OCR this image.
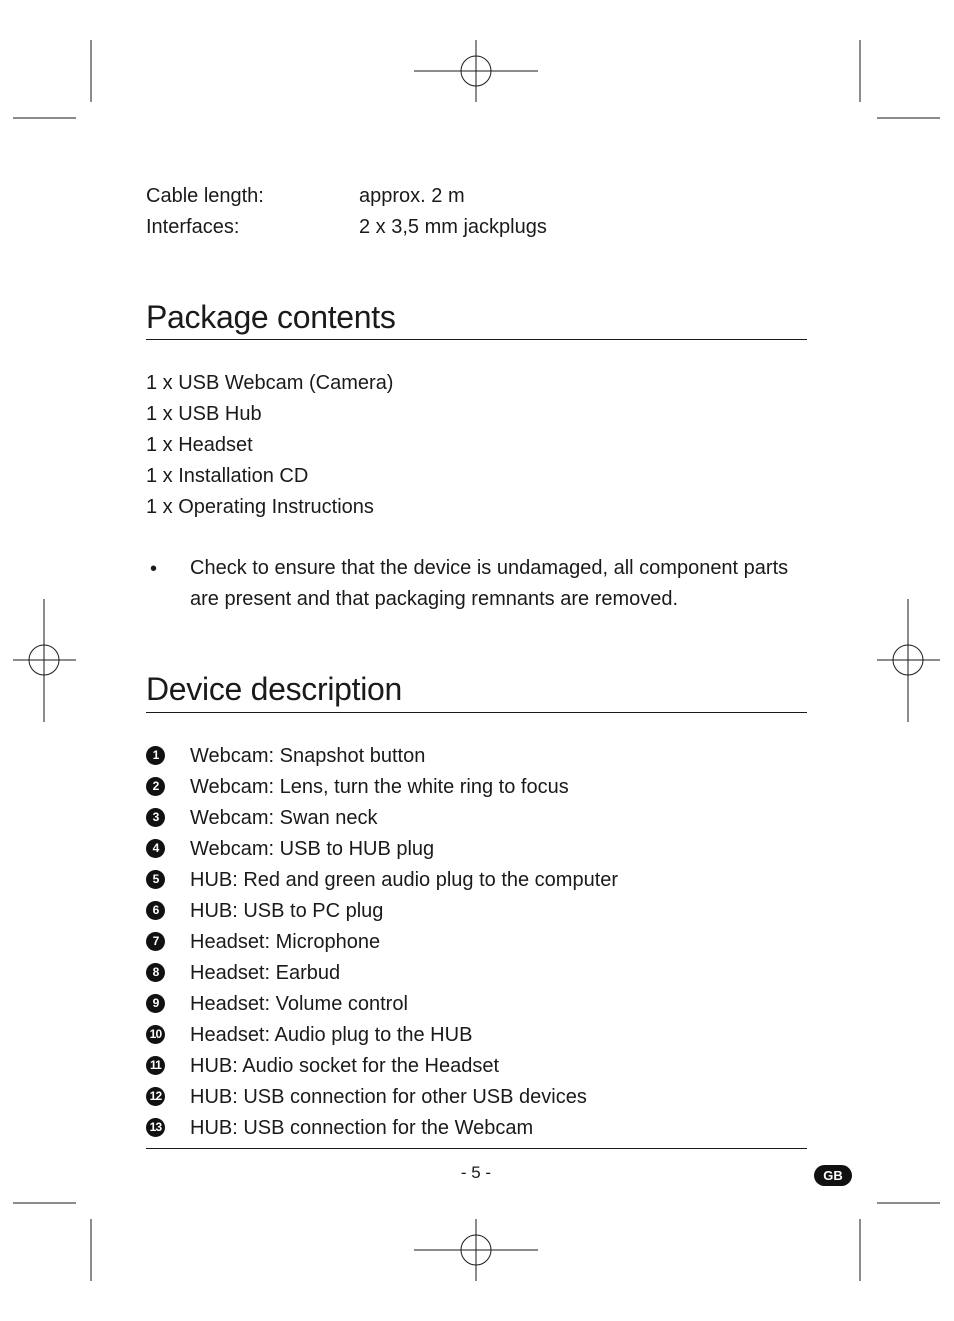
Cable length:	approx. 2 m
Interfaces:	2 x 3,5 mm jackplugs
Package contents
1 x USB Webcam (Camera)
1 x USB Hub
1 x Headset
1 x Installation CD
1 x Operating Instructions
• Check to ensure that the device is undamaged, all component parts
are present and that packaging remnants are removed.
Device description
1	Webcam: Snapshot button
2	Webcam: Lens, turn the white ring to focus
3	Webcam: Swan neck
4	Webcam: USB to HUB plug
5	HUB: Red and green audio plug to the computer
6	HUB: USB to PC plug
7	Headset: Microphone
8	Headset: Earbud
9	Headset: Volume control
10 Headset: Audio plug to the HUB
11 HUB: Audio socket for the Headset
12 HUB: USB connection for other USB devices
13 HUB: USB connection for the Webcam
- 5 -	GB
